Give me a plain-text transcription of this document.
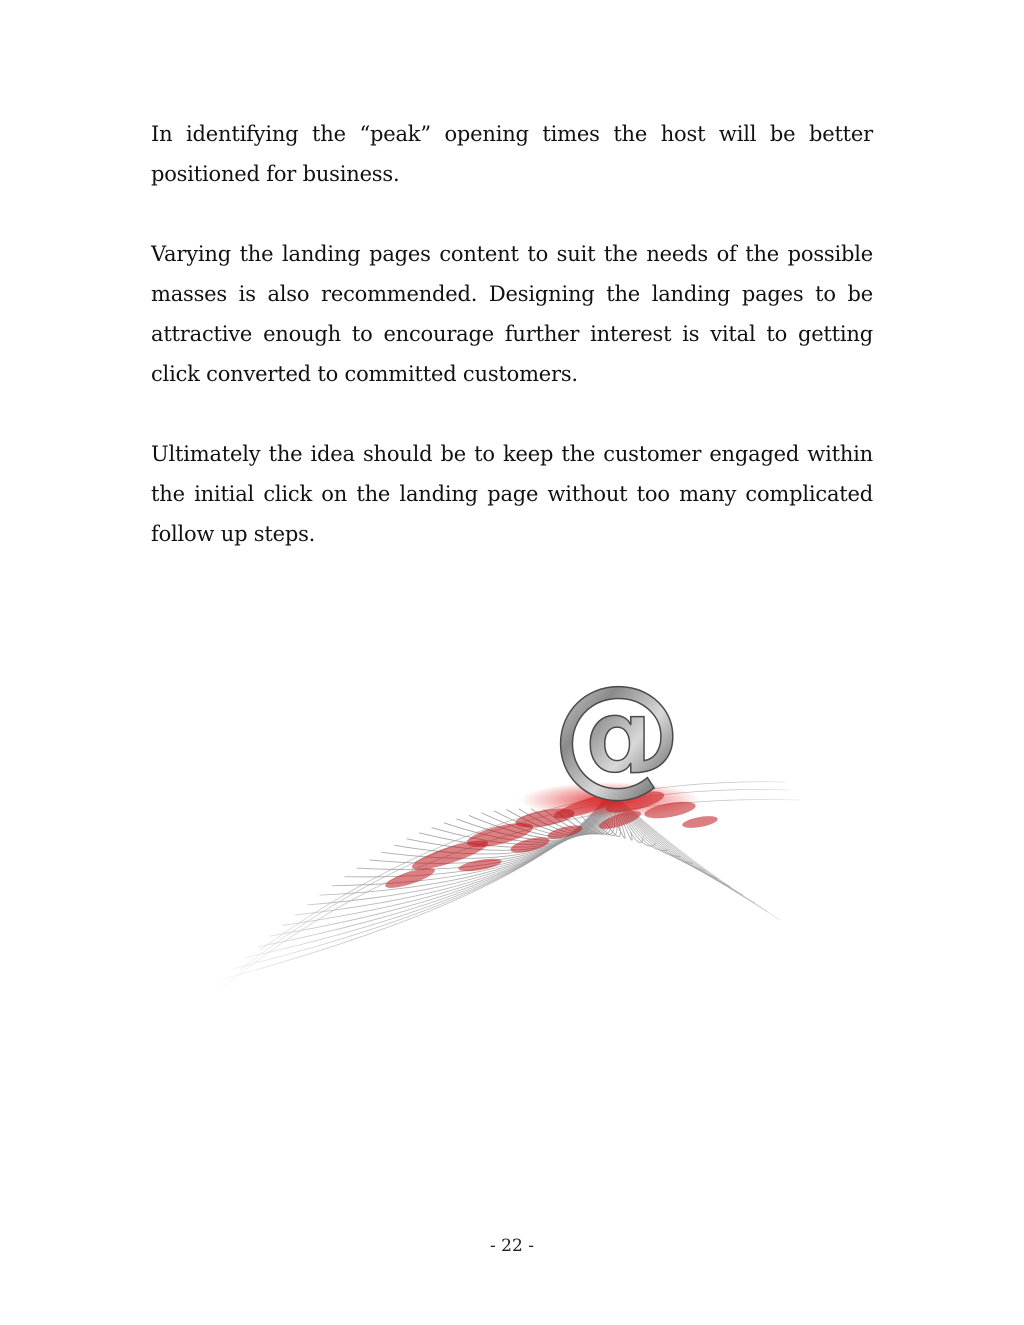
In identifying the “peak” opening times the host will be better positioned for business.

Varying the landing pages content to suit the needs of the possible masses is also recommended. Designing the landing pages to be attractive enough to encourage further interest is vital to getting click converted to committed customers.

Ultimately the idea should be to keep the customer engaged within the initial click on the landing page without too many complicated follow up steps.

- 22 -
